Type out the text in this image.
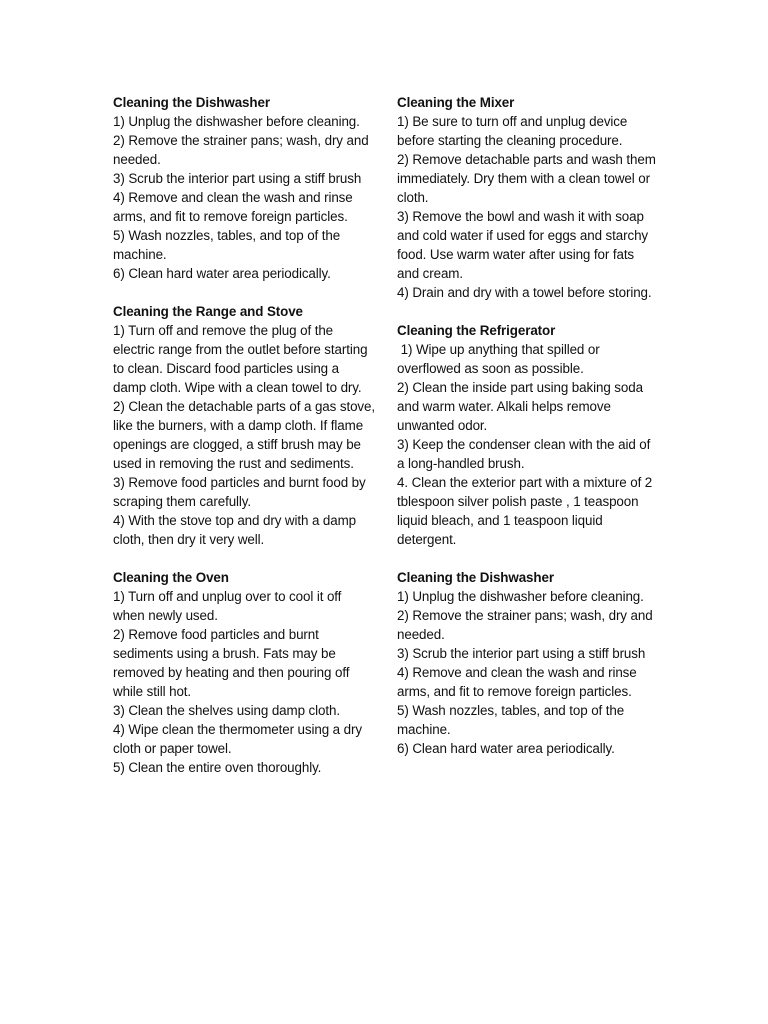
Cleaning the Dishwasher

1) Unplug the dishwasher before cleaning.

2) Remove the strainer pans; wash, dry and needed.

3) Scrub the interior part using a stiff brush

4) Remove and clean the wash and rinse arms, and fit to remove foreign particles.

5) Wash nozzles, tables, and top of the machine.

6) Clean hard water area periodically.

Cleaning the Range and Stove

1) Turn off and remove the plug of the electric range from the outlet before starting to clean. Discard food particles using a damp cloth. Wipe with a clean towel to dry.

2) Clean the detachable parts of a gas stove, like the burners, with a damp cloth. If flame openings are clogged, a stiff brush may be used in removing the rust and sediments.

3) Remove food particles and burnt food by scraping them carefully.

4) With the stove top and dry with a damp cloth, then dry it very well.

Cleaning the Oven

1) Turn off and unplug over to cool it off when newly used.

2) Remove food particles and burnt sediments using a brush. Fats may be removed by heating and then pouring off while still hot.

3) Clean the shelves using damp cloth.

4) Wipe clean the thermometer using a dry cloth or paper towel.

5) Clean the entire oven thoroughly.

Cleaning the Mixer

1) Be sure to turn off and unplug device before starting the cleaning procedure.

2) Remove detachable parts and wash them immediately. Dry them with a clean towel or cloth.

3) Remove the bowl and wash it with soap and cold water if used for eggs and starchy food. Use warm water after using for fats and cream.

4) Drain and dry with a towel before storing.

Cleaning the Refrigerator

1) Wipe up anything that spilled or overflowed as soon as possible.

2) Clean the inside part using baking soda and warm water. Alkali helps remove unwanted odor.

3) Keep the condenser clean with the aid of a long-handled brush.

4. Clean the exterior part with a mixture of 2 tblespoon silver polish paste , 1 teaspoon liquid bleach, and 1 teaspoon liquid detergent.

Cleaning the Dishwasher

1) Unplug the dishwasher before cleaning.

2) Remove the strainer pans; wash, dry and needed.

3) Scrub the interior part using a stiff brush

4) Remove and clean the wash and rinse arms, and fit to remove foreign particles.

5) Wash nozzles, tables, and top of the machine.

6) Clean hard water area periodically.
